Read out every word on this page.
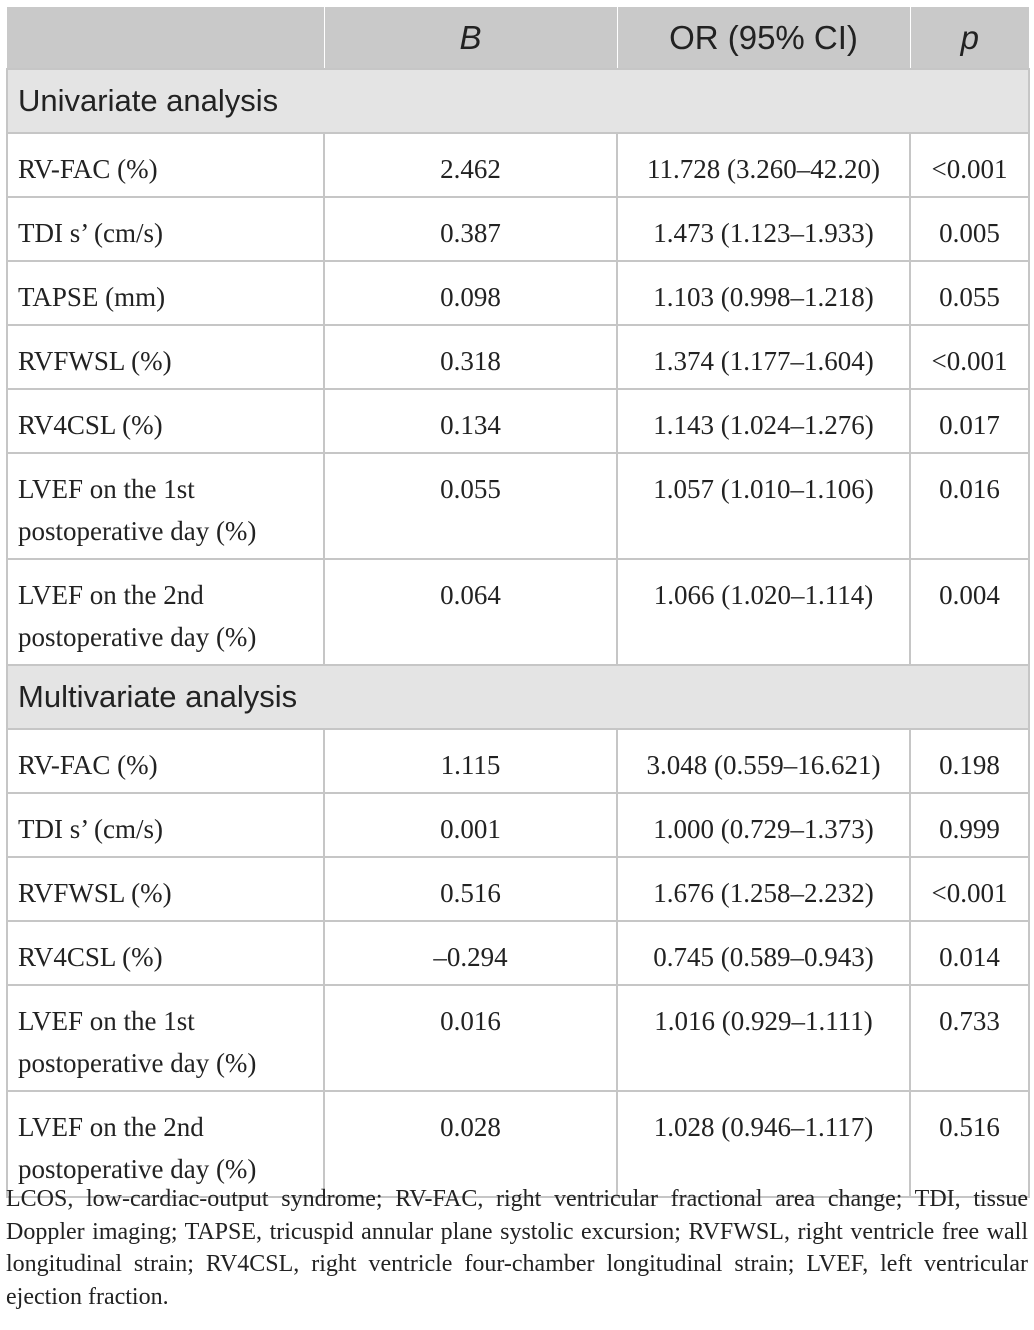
	B	OR (95% CI)	p
Univariate analysis			
RV-FAC (%)	2.462	11.728 (3.260–42.20)	<0.001
TDI s’ (cm/s)	0.387	1.473 (1.123–1.933)	0.005
TAPSE (mm)	0.098	1.103 (0.998–1.218)	0.055
RVFWSL (%)	0.318	1.374 (1.177–1.604)	<0.001
RV4CSL (%)	0.134	1.143 (1.024–1.276)	0.017
LVEF on the 1st postoperative day (%)	0.055	1.057 (1.010–1.106)	0.016
LVEF on the 2nd postoperative day (%)	0.064	1.066 (1.020–1.114)	0.004
Multivariate analysis			
RV-FAC (%)	1.115	3.048 (0.559–16.621)	0.198
TDI s’ (cm/s)	0.001	1.000 (0.729–1.373)	0.999
RVFWSL (%)	0.516	1.676 (1.258–2.232)	<0.001
RV4CSL (%)	–0.294	0.745 (0.589–0.943)	0.014
LVEF on the 1st postoperative day (%)	0.016	1.016 (0.929–1.111)	0.733
LVEF on the 2nd postoperative day (%)	0.028	1.028 (0.946–1.117)	0.516
LCOS, low-cardiac-output syndrome; RV-FAC, right ventricular fractional area change; TDI, tissue Doppler imaging; TAPSE, tricuspid annular plane systolic excursion; RVFWSL, right ventricle free wall longitudinal strain; RV4CSL, right ventricle four-chamber longitudinal strain; LVEF, left ventricular ejection fraction.
